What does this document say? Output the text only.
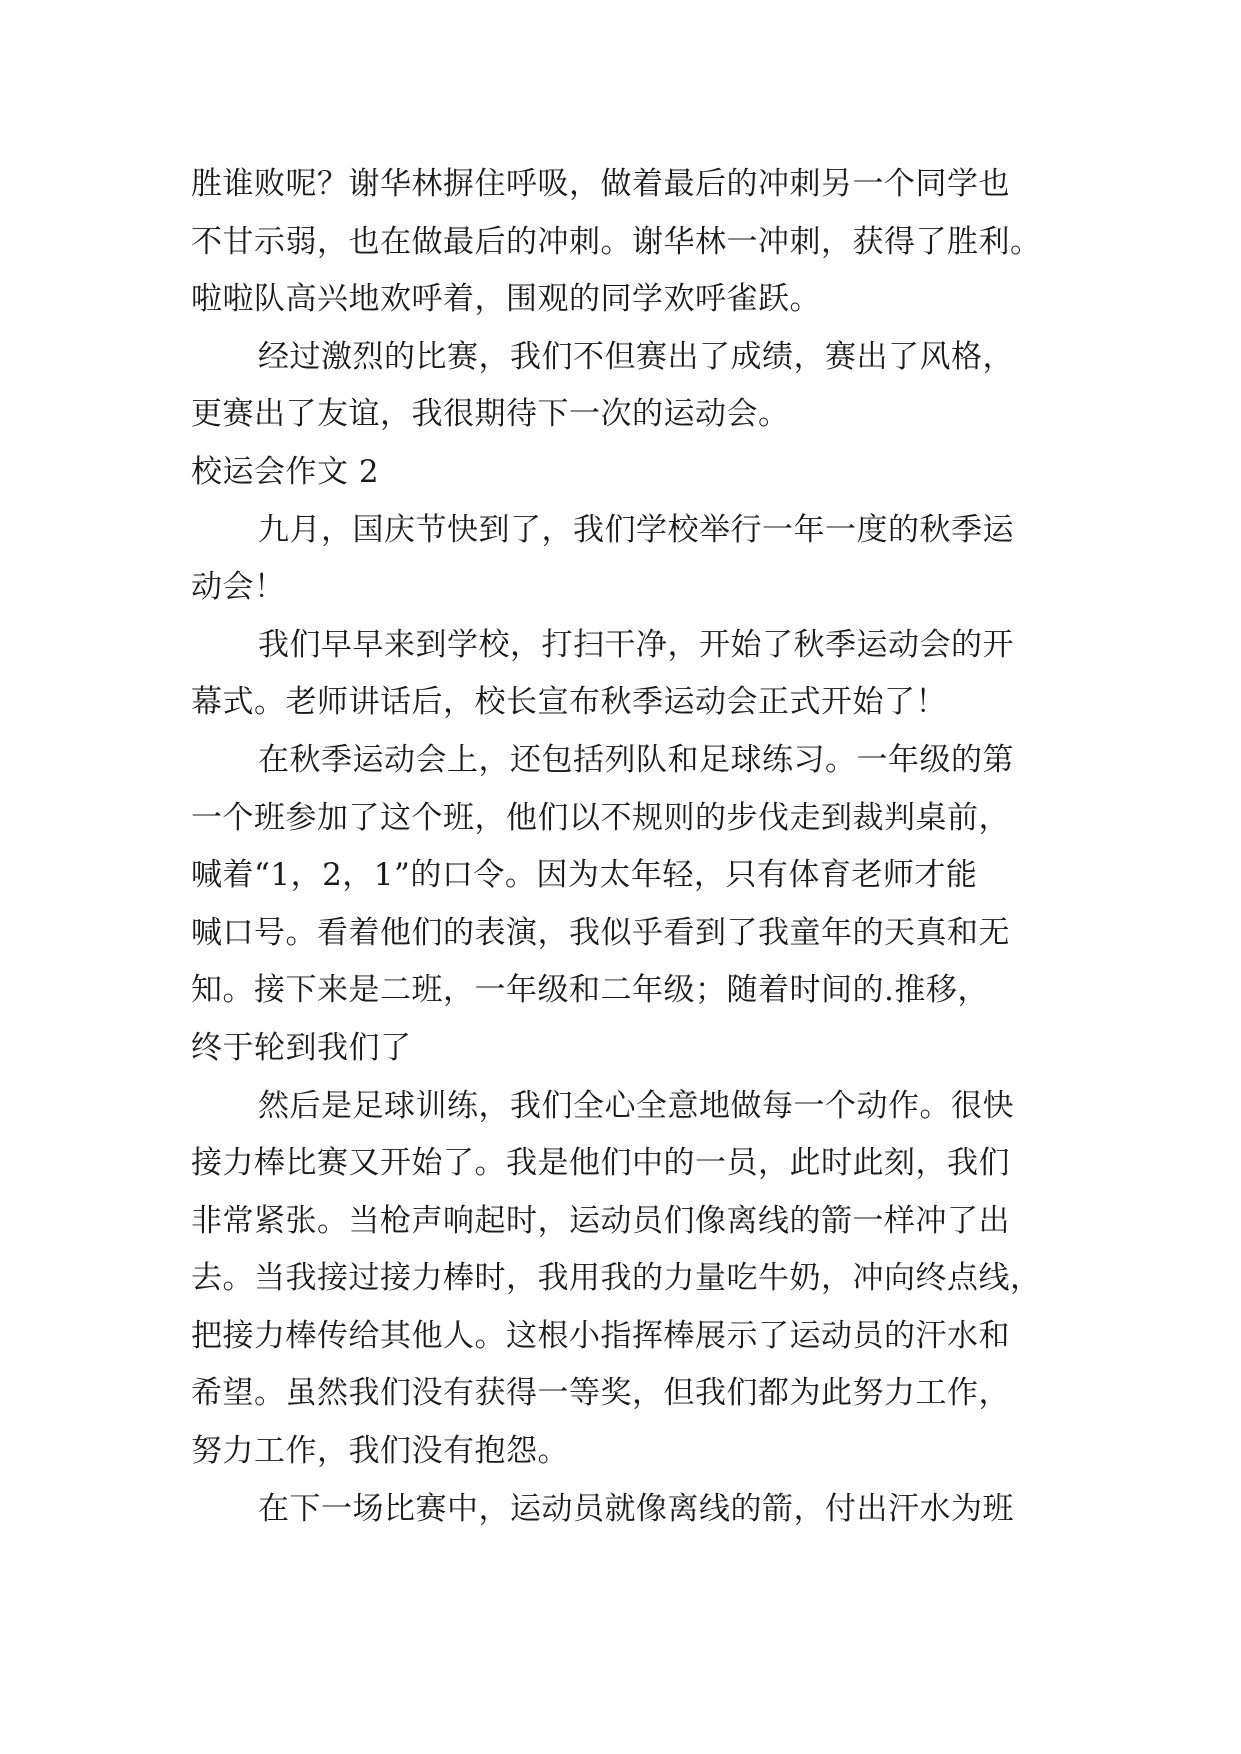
胜谁败呢？谢华林摒住呼吸，做着最后的冲刺另一个同学也
不甘示弱，也在做最后的冲刺。谢华林一冲刺，获得了胜利。
啦啦队高兴地欢呼着，围观的同学欢呼雀跃。
经过激烈的比赛，我们不但赛出了成绩，赛出了风格，
更赛出了友谊，我很期待下一次的运动会。
校运会作文 2
九月，国庆节快到了，我们学校举行一年一度的秋季运
动会！
我们早早来到学校，打扫干净，开始了秋季运动会的开
幕式。老师讲话后，校长宣布秋季运动会正式开始了！
在秋季运动会上，还包括列队和足球练习。一年级的第
一个班参加了这个班，他们以不规则的步伐走到裁判桌前，
喊着“1，2，1”的口令。因为太年轻，只有体育老师才能
喊口号。看着他们的表演，我似乎看到了我童年的天真和无
知。接下来是二班，一年级和二年级；随着时间的.推移，
终于轮到我们了
然后是足球训练，我们全心全意地做每一个动作。很快
接力棒比赛又开始了。我是他们中的一员，此时此刻，我们
非常紧张。当枪声响起时，运动员们像离线的箭一样冲了出
去。当我接过接力棒时，我用我的力量吃牛奶，冲向终点线，
把接力棒传给其他人。这根小指挥棒展示了运动员的汗水和
希望。虽然我们没有获得一等奖，但我们都为此努力工作，
努力工作，我们没有抱怨。
在下一场比赛中，运动员就像离线的箭，付出汗水为班
